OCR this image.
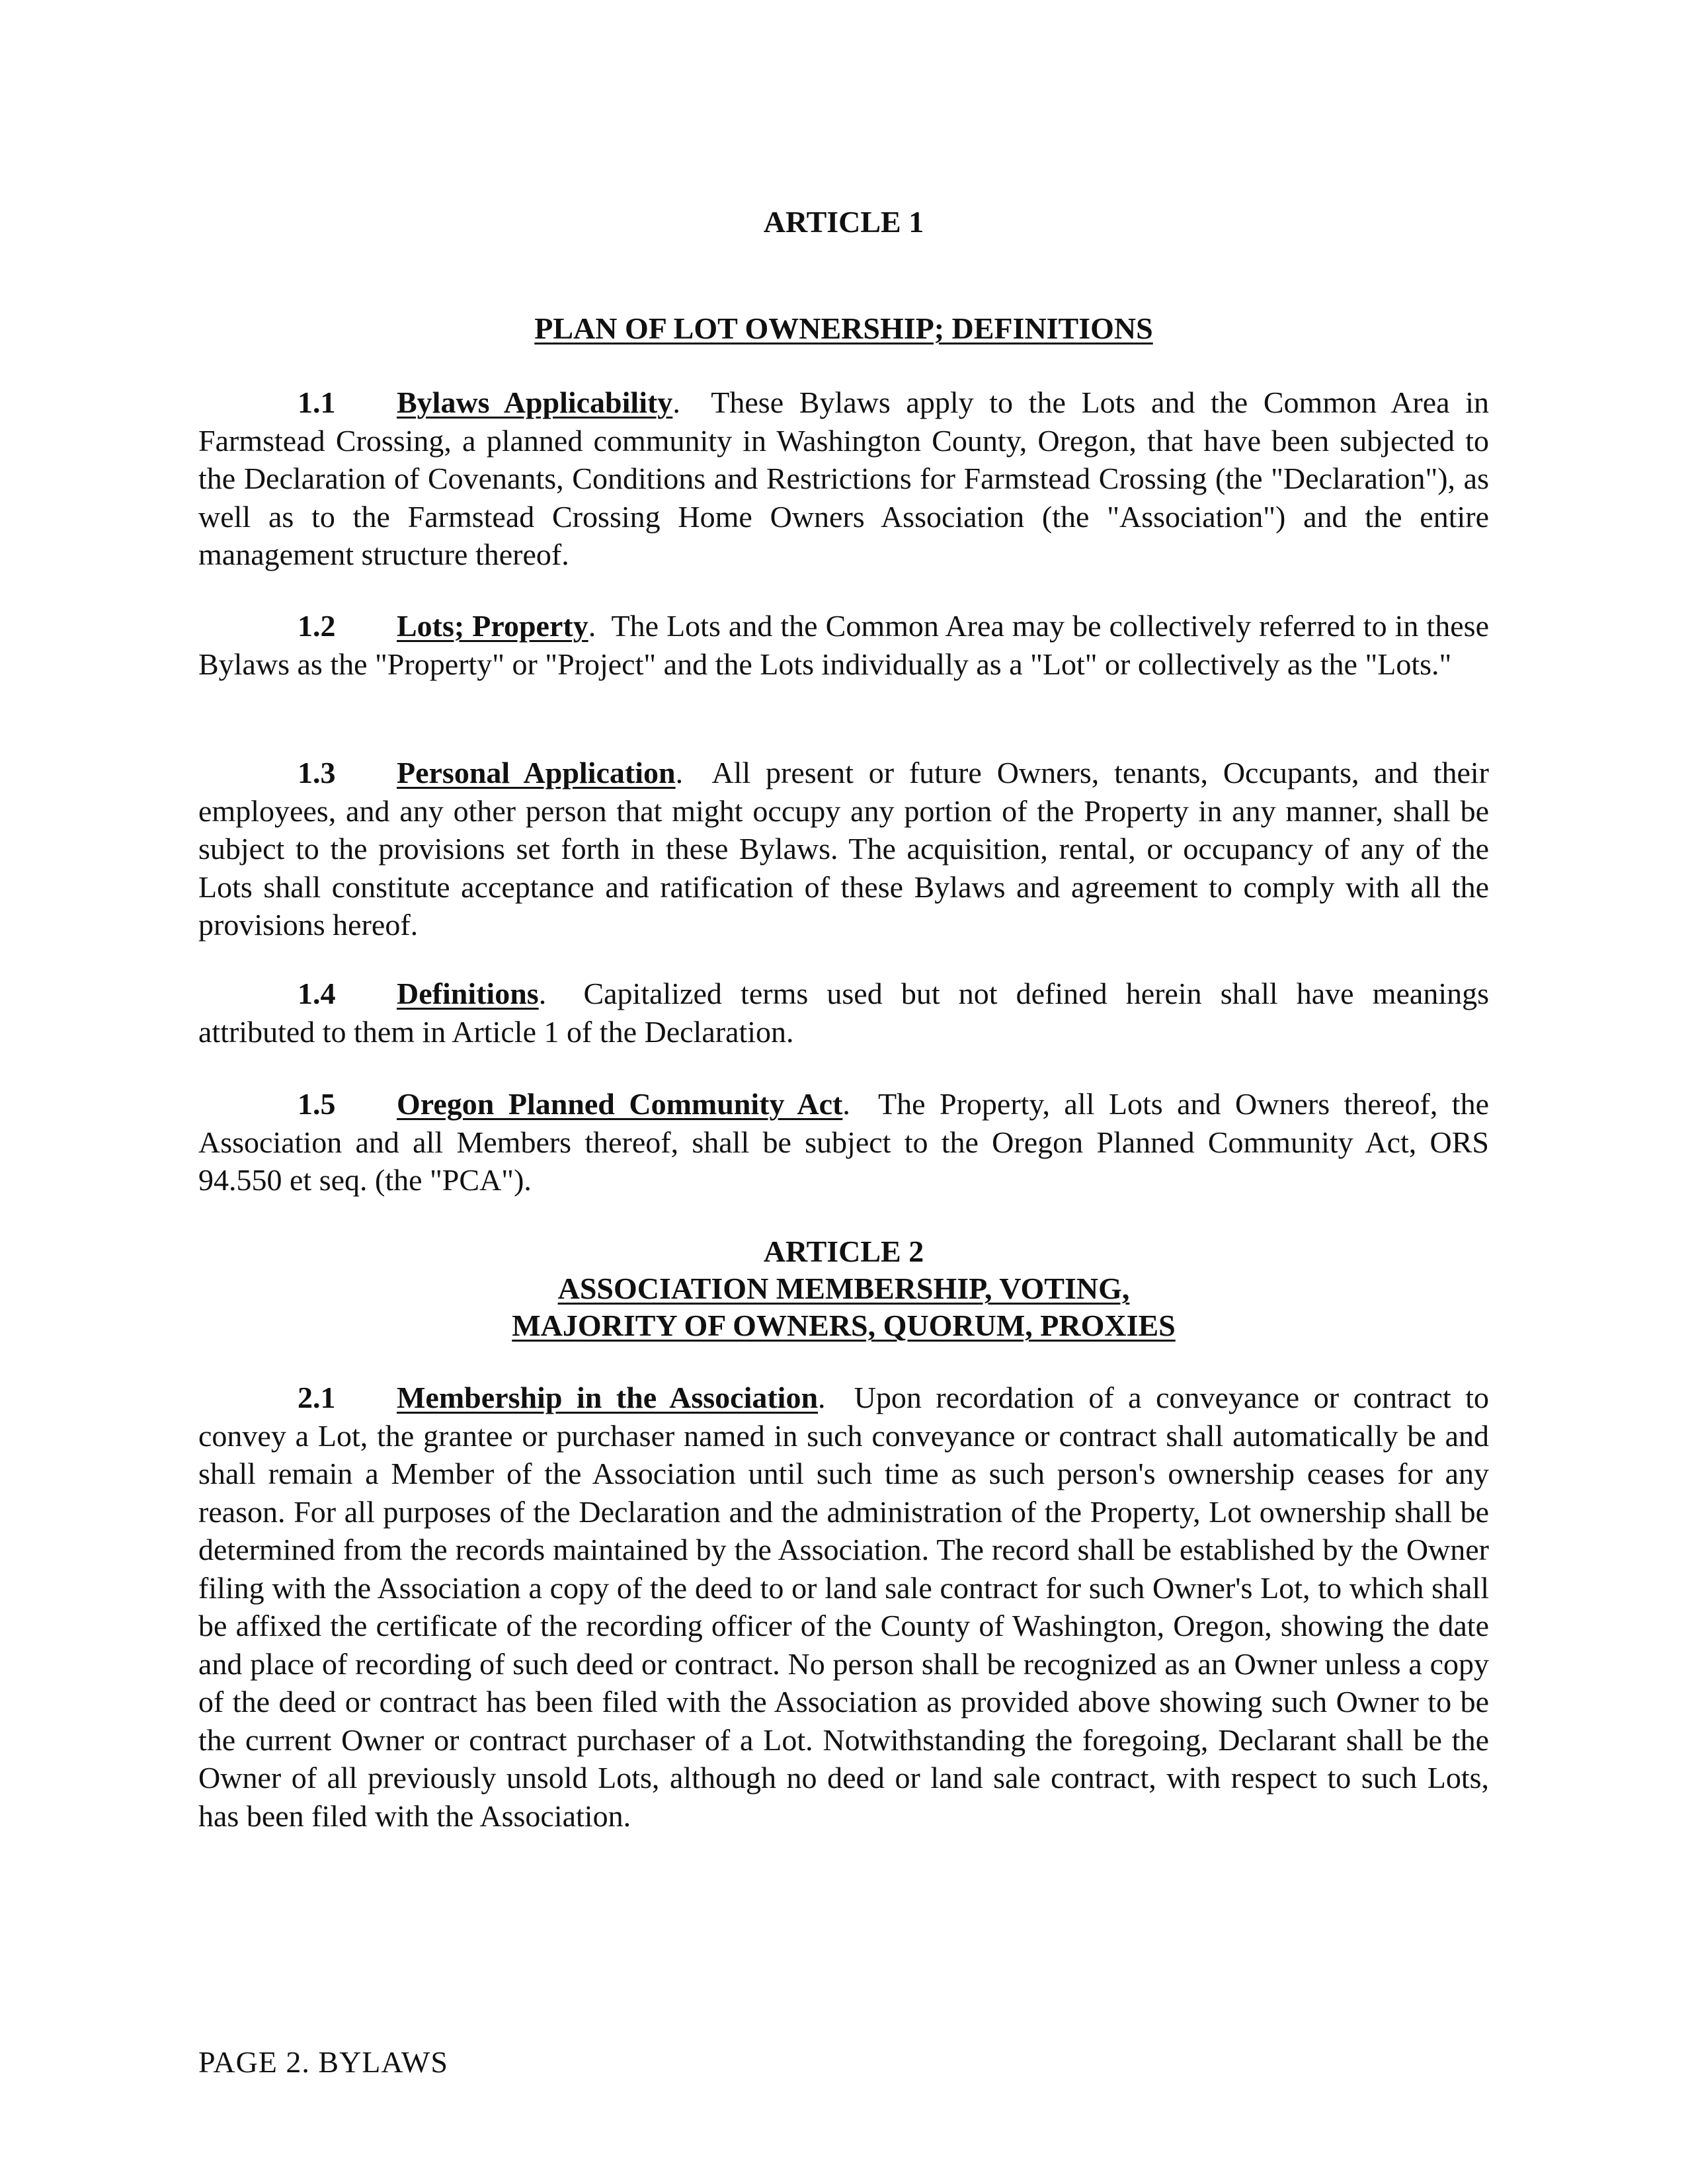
ARTICLE 1

PLAN OF LOT OWNERSHIP; DEFINITIONS

1.1 Bylaws Applicability.  These Bylaws apply to the Lots and the Common Area in Farmstead Crossing, a planned community in Washington County, Oregon, that have been subjected to the Declaration of Covenants, Conditions and Restrictions for Farmstead Crossing (the "Declaration"), as well as to the Farmstead Crossing Home Owners Association (the "Association") and the entire management structure thereof.

1.2 Lots; Property.  The Lots and the Common Area may be collectively referred to in these Bylaws as the "Property" or "Project" and the Lots individually as a "Lot" or collectively as the "Lots."

1.3 Personal Application.  All present or future Owners, tenants, Occupants, and their employees, and any other person that might occupy any portion of the Property in any manner, shall be subject to the provisions set forth in these Bylaws. The acquisition, rental, or occupancy of any of the Lots shall constitute acceptance and ratification of these Bylaws and agreement to comply with all the provisions hereof.

1.4 Definitions.  Capitalized terms used but not defined herein shall have meanings attributed to them in Article 1 of the Declaration.

1.5 Oregon Planned Community Act.  The Property, all Lots and Owners thereof, the Association and all Members thereof, shall be subject to the Oregon Planned Community Act, ORS 94.550 et seq. (the "PCA").

ARTICLE 2

ASSOCIATION MEMBERSHIP, VOTING,

MAJORITY OF OWNERS, QUORUM, PROXIES

2.1 Membership in the Association.  Upon recordation of a conveyance or contract to convey a Lot, the grantee or purchaser named in such conveyance or contract shall automatically be and shall remain a Member of the Association until such time as such person's ownership ceases for any reason. For all purposes of the Declaration and the administration of the Property, Lot ownership shall be determined from the records maintained by the Association. The record shall be established by the Owner filing with the Association a copy of the deed to or land sale contract for such Owner's Lot, to which shall be affixed the certificate of the recording officer of the County of Washington, Oregon, showing the date and place of recording of such deed or contract. No person shall be recognized as an Owner unless a copy of the deed or contract has been filed with the Association as provided above showing such Owner to be the current Owner or contract purchaser of a Lot. Notwithstanding the foregoing, Declarant shall be the Owner of all previously unsold Lots, although no deed or land sale contract, with respect to such Lots, has been filed with the Association.

PAGE 2. BYLAWS
